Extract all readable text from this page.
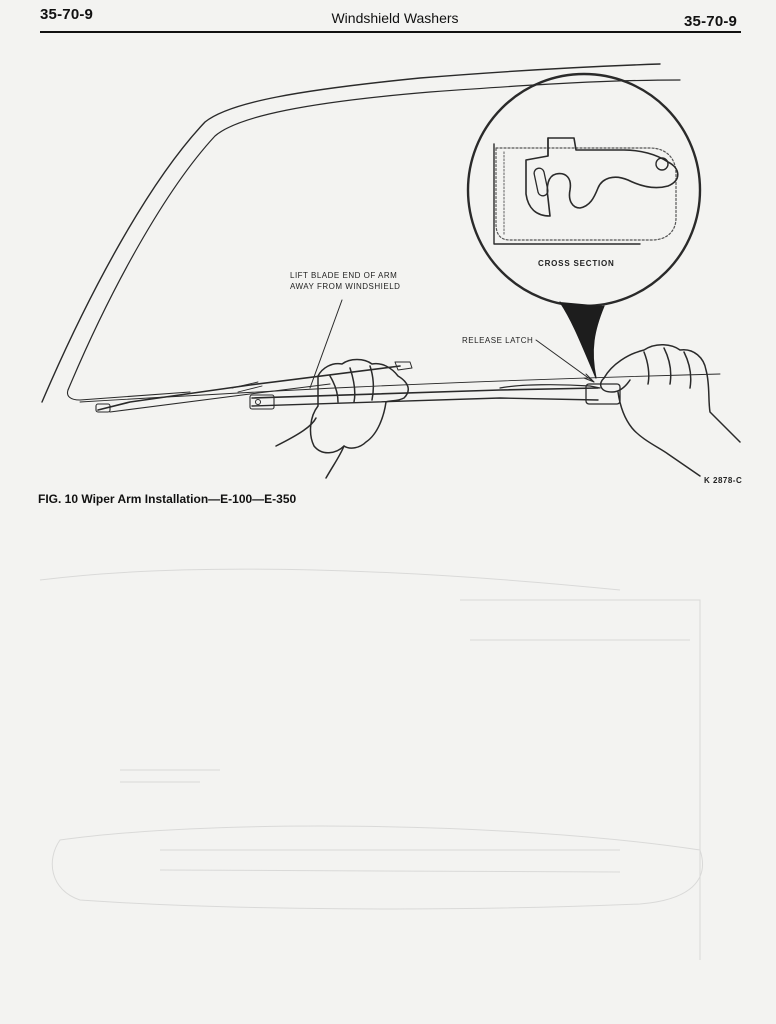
35-70-9	Windshield Washers	35-70-9
LIFT BLADE END OF ARM AWAY FROM WINDSHIELD
RELEASE LATCH
CROSS SECTION
K 2878-C
FIG. 10 Wiper Arm Installation—E-100—E-350
